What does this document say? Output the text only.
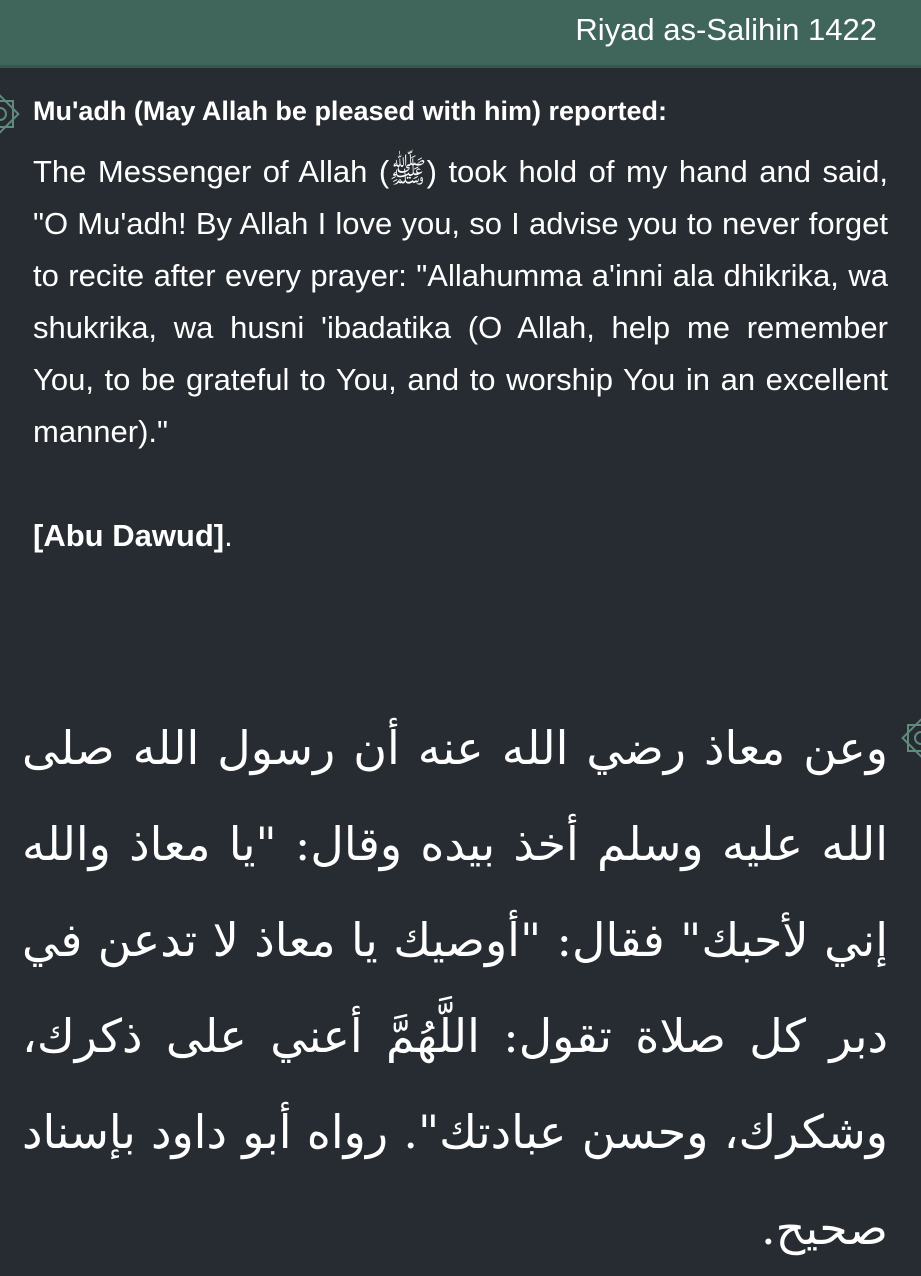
Riyad as-Salihin 1422

Mu'adh (May Allah be pleased with him) reported:

The Messenger of Allah (ﷺ) took hold of my hand and said, "O Mu'adh! By Allah I love you, so I advise you to never forget to recite after every prayer: "Allahumma a'inni ala dhikrika, wa shukrika, wa husni 'ibadatika (O Allah, help me remember You, to be grateful to You, and to worship You in an excellent manner)."

[Abu Dawud].

وعن معاذ رضي الله عنه أن رسول الله صلى الله عليه وسلم أخذ بيده وقال: "يا معاذ والله إني لأحبك" فقال: "أوصيك يا معاذ لا تدعن في دبر كل صلاة تقول: اللَّهُمَّ أعني على ذكرك، وشكرك، وحسن عبادتك". رواه أبو داود بإسناد صحيح.
